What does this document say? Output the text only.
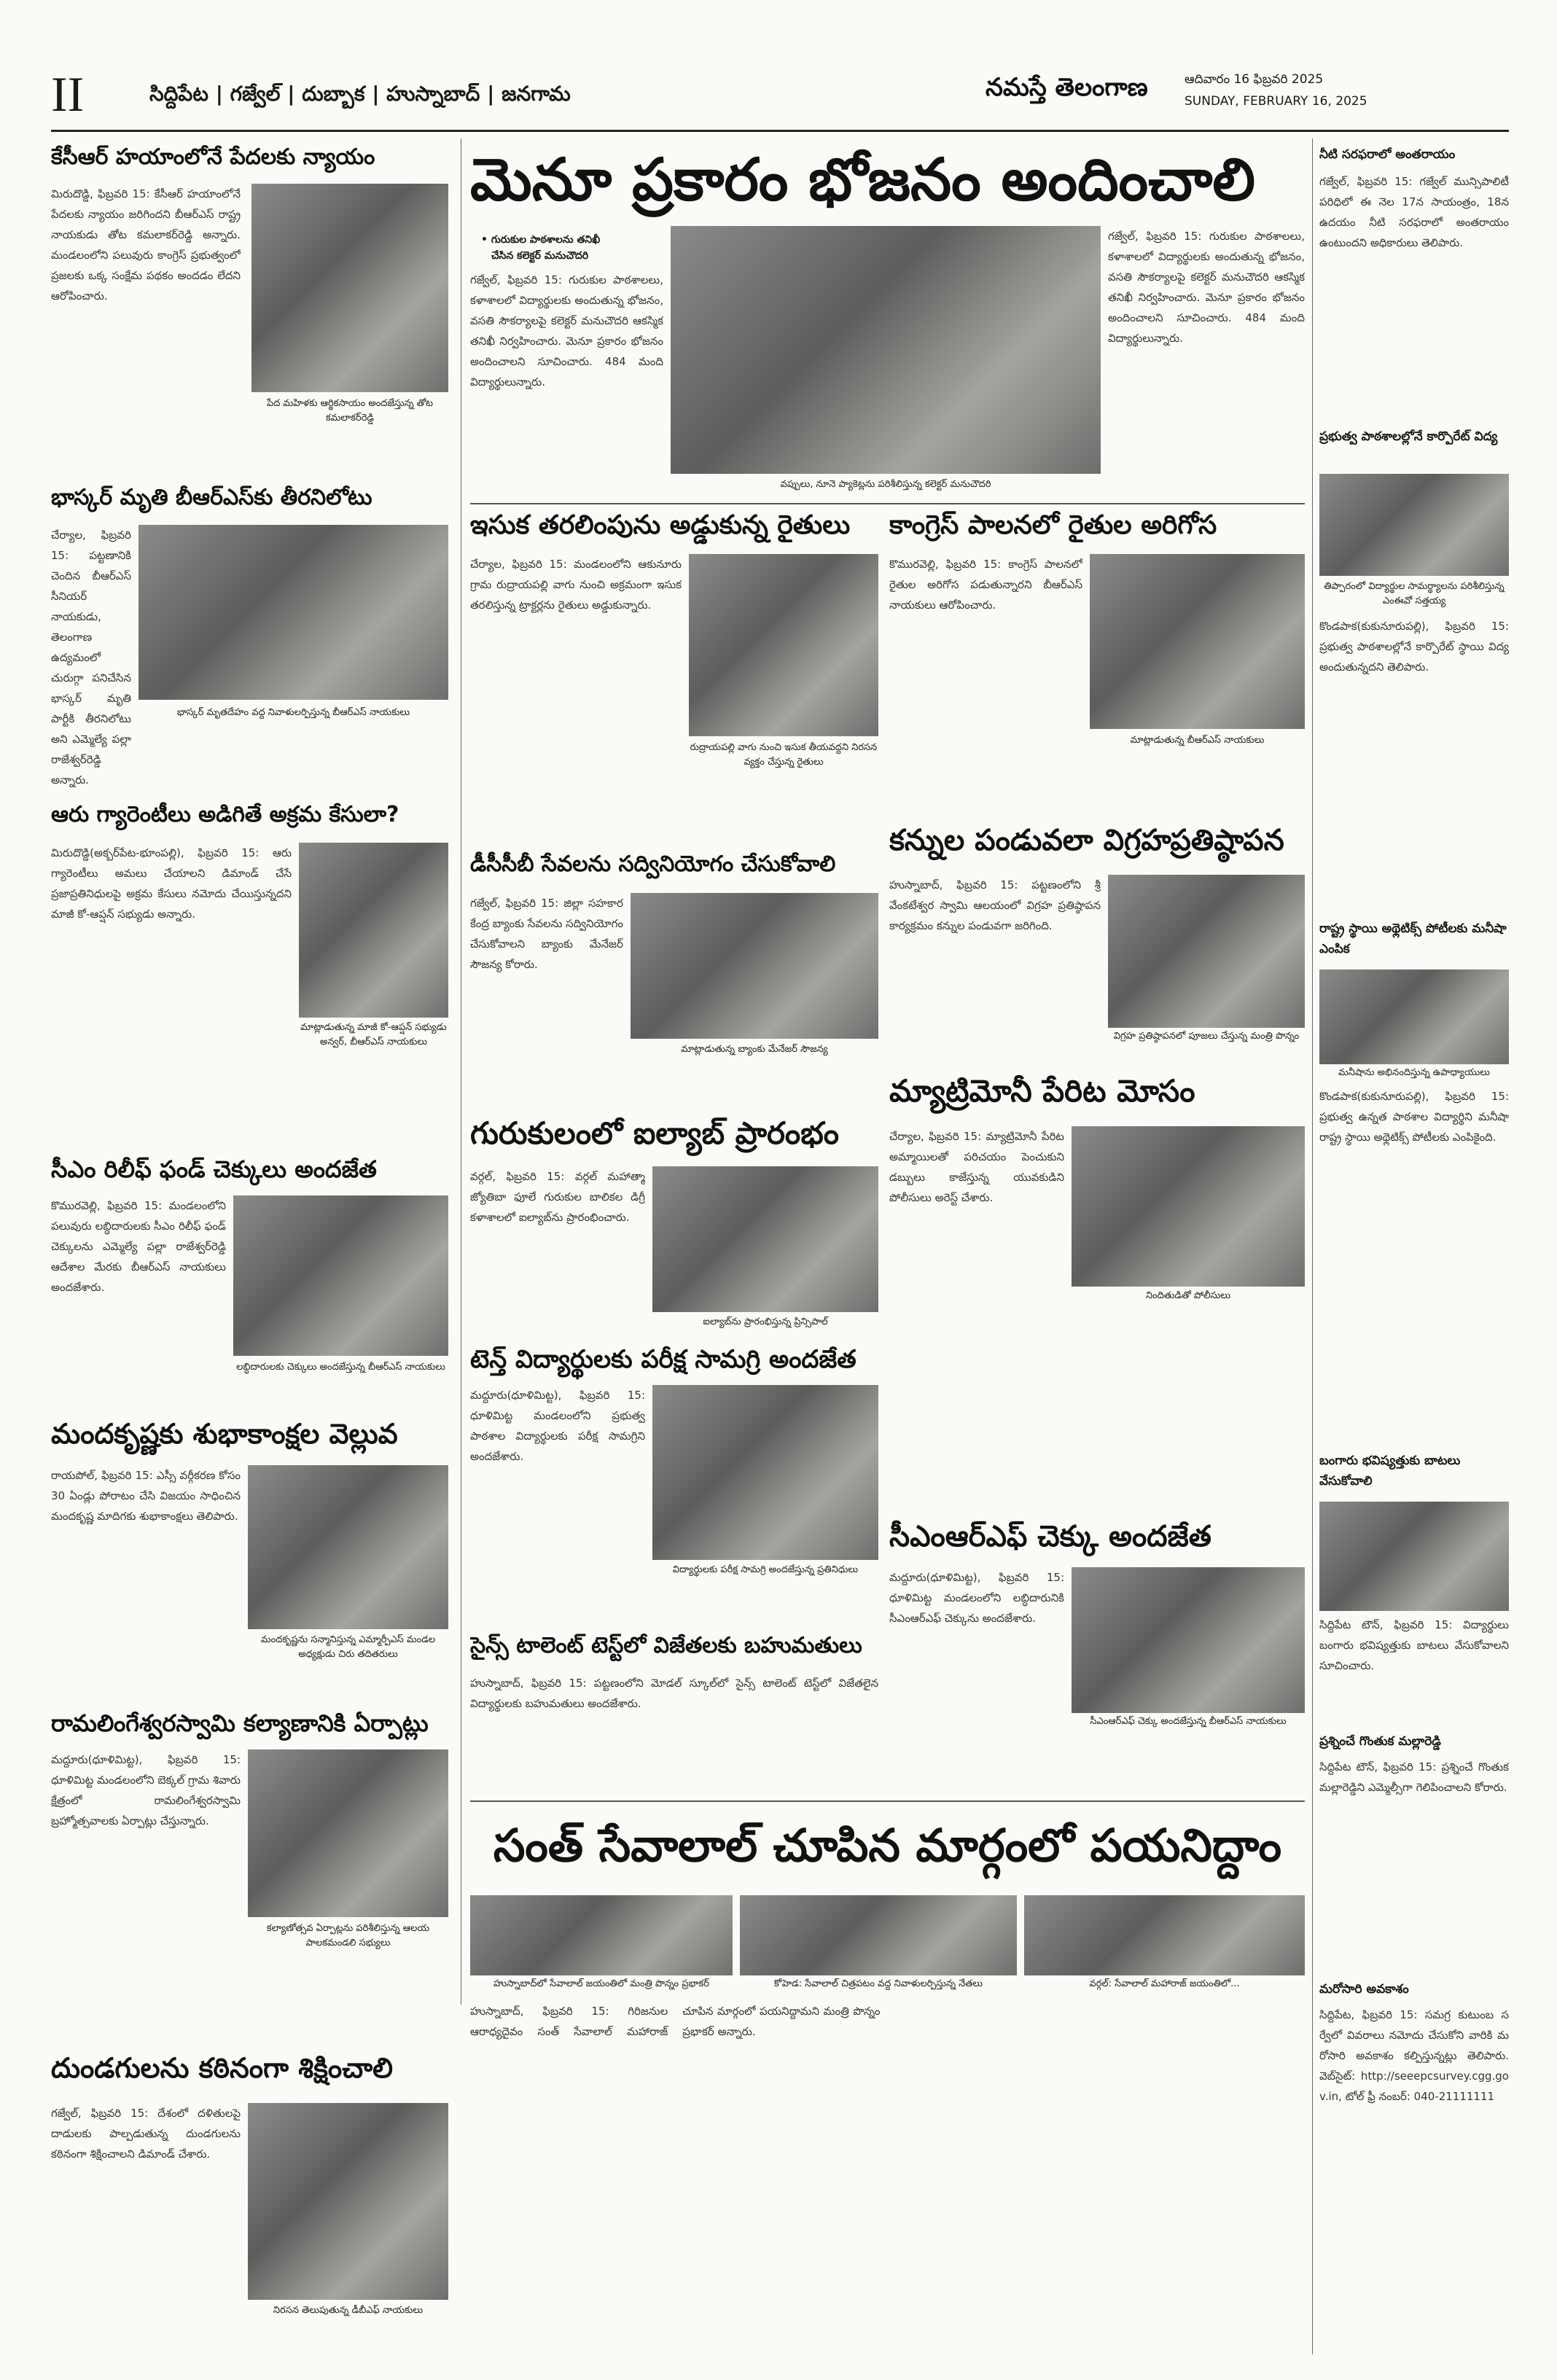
II	సిద్దిపేట | గజ్వేల్ | దుబ్బాక | హుస్నాబాద్ | జనగామ	నమస్తే తెలంగాణ	ఆదివారం 16 ఫిబ్రవరి 2025
SUNDAY, FEBRUARY 16, 2025
కేసీఆర్ హయాంలోనే పేదలకు న్యాయం
మిరుదొడ్డి, ఫిబ్రవరి 15: కేసీఆర్ హయాంలోనే పేదలకు న్యాయం జరిగిందని బీఆర్ఎస్ రాష్ట్ర నాయకుడు తోట కమలాకర్‌రెడ్డి అన్నారు. మండలంలోని పలువురు కాంగ్రెస్ ప్రభుత్వంలో ప్రజలకు ఒక్క సంక్షేమ పథకం అందడం లేదని ఆరోపించారు.
పేద మహిళకు ఆర్థికసాయం అందజేస్తున్న తోట కమలాకర్‌రెడ్డి
భాస్కర్ మృతి బీఆర్ఎస్‌కు తీరనిలోటు
చేర్యాల, ఫిబ్రవరి 15: పట్టణానికి చెందిన బీఆర్ఎస్ సీనియర్ నాయకుడు, తెలంగాణ ఉద్యమంలో చురుగ్గా పనిచేసిన భాస్కర్ మృతి పార్టీకి తీరనిలోటు అని ఎమ్మెల్యే పల్లా రాజేశ్వర్‌రెడ్డి అన్నారు.
భాస్కర్ మృతదేహం వద్ద నివాళులర్పిస్తున్న బీఆర్ఎస్ నాయకులు
ఆరు గ్యారెంటీలు అడిగితే అక్రమ కేసులా?
మిరుదొడ్డి(అక్బర్‌పేట-భూంపల్లి), ఫిబ్రవరి 15: ఆరు గ్యారెంటీలు అమలు చేయాలని డిమాండ్ చేసే ప్రజాప్రతినిధులపై అక్రమ కేసులు నమోదు చేయిస్తున్నదని మాజీ కో-ఆప్షన్ సభ్యుడు అన్నారు.
మాట్లాడుతున్న మాజీ కో-ఆప్షన్ సభ్యుడు అన్వర్, బీఆర్ఎస్ నాయకులు
సీఎం రిలీఫ్ ఫండ్ చెక్కులు అందజేత
కొమురవెల్లి, ఫిబ్రవరి 15: మండలంలోని పలువురు లబ్ధిదారులకు సీఎం రిలీఫ్ ఫండ్ చెక్కులను ఎమ్మెల్యే పల్లా రాజేశ్వర్‌రెడ్డి ఆదేశాల మేరకు బీఆర్ఎస్ నాయకులు అందజేశారు.
లబ్ధిదారులకు చెక్కులు అందజేస్తున్న బీఆర్ఎస్ నాయకులు
మందకృష్ణకు శుభాకాంక్షల వెల్లువ
రాయపోల్, ఫిబ్రవరి 15: ఎస్సీ వర్గీకరణ కోసం 30 ఏండ్లు పోరాటం చేసి విజయం సాధించిన మందకృష్ణ మాదిగకు శుభాకాంక్షలు తెలిపారు.
మందకృష్ణను సన్మానిస్తున్న ఎమ్మార్పీఎస్ మండల అధ్యక్షుడు చిరు తదితరులు
రామలింగేశ్వరస్వామి కల్యాణానికి ఏర్పాట్లు
మద్దూరు(ధూళిమిట్ట), ఫిబ్రవరి 15: ధూళిమిట్ట మండలంలోని బెక్కల్ గ్రామ శివారు క్షేత్రంలో రామలింగేశ్వరస్వామి బ్రహ్మోత్సవాలకు ఏర్పాట్లు చేస్తున్నారు.
కల్యాణోత్సవ ఏర్పాట్లను పరిశీలిస్తున్న ఆలయ పాలకమండలి సభ్యులు
దుండగులను కఠినంగా శిక్షించాలి
గజ్వేల్, ఫిబ్రవరి 15: దేశంలో దళితులపై దాడులకు పాల్పడుతున్న దుండగులను కఠినంగా శిక్షించాలని డిమాండ్ చేశారు.
నిరసన తెలుపుతున్న డీబీఎఫ్ నాయకులు
మెనూ ప్రకారం భోజనం అందించాలి
• గురుకుల పాఠశాలను తనిఖీ
చేసిన కలెక్టర్ మనుచౌదరి
గజ్వేల్, ఫిబ్రవరి 15: గురుకుల పాఠశాలలు, కళాశాలలో విద్యార్థులకు అందుతున్న భోజనం, వసతి సౌకర్యాలపై కలెక్టర్ మనుచౌదరి ఆకస్మిక తనిఖీ నిర్వహించారు. మెనూ ప్రకారం భోజనం అందించాలని సూచించారు. 484 మంది విద్యార్థులున్నారు.
వప్పులు, నూనె ప్యాకెట్లను పరిశీలిస్తున్న కలెక్టర్ మనుచౌదరి
గజ్వేల్, ఫిబ్రవరి 15: గురుకుల పాఠశాలలు, కళాశాలలో విద్యార్థులకు అందుతున్న భోజనం, వసతి సౌకర్యాలపై కలెక్టర్ మనుచౌదరి ఆకస్మిక తనిఖీ నిర్వహించారు. మెనూ ప్రకారం భోజనం అందించాలని సూచించారు. 484 మంది విద్యార్థులున్నారు.
ఇసుక తరలింపును అడ్డుకున్న రైతులు
చేర్యాల, ఫిబ్రవరి 15: మండలంలోని ఆకునూరు గ్రామ రుద్రాయపల్లి వాగు నుంచి అక్రమంగా ఇసుక తరలిస్తున్న ట్రాక్టర్లను రైతులు అడ్డుకున్నారు.
రుద్రాయపల్లి వాగు నుంచి ఇసుక తీయవద్దని నిరసన వ్యక్తం చేస్తున్న రైతులు
కాంగ్రెస్ పాలనలో రైతుల అరిగోస
కొమురవెల్లి, ఫిబ్రవరి 15: కాంగ్రెస్ పాలనలో రైతుల అరిగోస పడుతున్నారని బీఆర్ఎస్ నాయకులు ఆరోపించారు.
మాట్లాడుతున్న బీఆర్ఎస్ నాయకులు
డీసీసీబీ సేవలను సద్వినియోగం చేసుకోవాలి
గజ్వేల్, ఫిబ్రవరి 15: జిల్లా సహకార కేంద్ర బ్యాంకు సేవలను సద్వినియోగం చేసుకోవాలని బ్యాంకు మేనేజర్ సౌజన్య కోరారు.
మాట్లాడుతున్న బ్యాంకు మేనేజర్ సౌజన్య
కన్నుల పండువలా విగ్రహప్రతిష్ఠాపన
హుస్నాబాద్, ఫిబ్రవరి 15: పట్టణంలోని శ్రీ వేంకటేశ్వర స్వామి ఆలయంలో విగ్రహ ప్రతిష్ఠాపన కార్యక్రమం కన్నుల పండువగా జరిగింది.
విగ్రహ ప్రతిష్ఠాపనలో పూజలు చేస్తున్న మంత్రి పొన్నం
గురుకులంలో ఐల్యాబ్ ప్రారంభం
వర్గల్, ఫిబ్రవరి 15: వర్గల్ మహాత్మా జ్యోతిబా ఫూలే గురుకుల బాలికల డిగ్రీ కళాశాలలో ఐల్యాబ్‌ను ప్రారంభించారు.
ఐల్యాబ్‌ను ప్రారంభిస్తున్న ప్రిన్సిపాల్
మ్యాట్రిమోనీ పేరిట మోసం
చేర్యాల, ఫిబ్రవరి 15: మ్యాట్రిమోనీ పేరిట అమ్మాయిలతో పరిచయం పెంచుకుని డబ్బులు కాజేస్తున్న యువకుడిని పోలీసులు అరెస్ట్ చేశారు.
నిందితుడితో పోలీసులు
టెన్త్ విద్యార్థులకు పరీక్ష సామగ్రి అందజేత
మద్దూరు(ధూళిమిట్ట), ఫిబ్రవరి 15: ధూళిమిట్ట మండలంలోని ప్రభుత్వ పాఠశాల విద్యార్థులకు పరీక్ష సామగ్రిని అందజేశారు.
విద్యార్థులకు పరీక్ష సామగ్రి అందజేస్తున్న ప్రతినిధులు
సీఎంఆర్ఎఫ్ చెక్కు అందజేత
మద్దూరు(ధూళిమిట్ట), ఫిబ్రవరి 15: ధూళిమిట్ట మండలంలోని లబ్ధిదారునికి సీఎంఆర్ఎఫ్ చెక్కును అందజేశారు.
సీఎంఆర్ఎఫ్ చెక్కు అందజేస్తున్న బీఆర్ఎస్ నాయకులు
సైన్స్ టాలెంట్ టెస్ట్‌లో విజేతలకు బహుమతులు
హుస్నాబాద్, ఫిబ్రవరి 15: పట్టణంలోని మోడల్ స్కూల్‌లో సైన్స్ టాలెంట్ టెస్ట్‌లో విజేతలైన విద్యార్థులకు బహుమతులు అందజేశారు.
సంత్ సేవాలాల్ చూపిన మార్గంలో పయనిద్దాం
హుస్నాబాద్‌లో సేవాలాల్ జయంతిలో మంత్రి పొన్నం ప్రభాకర్	కోహెడ: సేవాలాల్ చిత్రపటం వద్ద నివాళులర్పిస్తున్న నేతలు	వర్గల్: సేవాలాల్ మహారాజ్ జయంతిలో...
హుస్నాబాద్, ఫిబ్రవరి 15: గిరిజనుల ఆరాధ్యదైవం సంత్ సేవాలాల్ మహారాజ్ చూపిన మార్గంలో పయనిద్దామని మంత్రి పొన్నం ప్రభాకర్ అన్నారు.
నీటి సరఫరాలో అంతరాయం
గజ్వేల్, ఫిబ్రవరి 15: గజ్వేల్ మున్సిపాలిటీ పరిధిలో ఈ నెల 17న సాయంత్రం, 18న ఉదయం నీటి సరఫరాలో అంతరాయం ఉంటుందని అధికారులు తెలిపారు.
ప్రభుత్వ పాఠశాలల్లోనే కార్పొరేట్ విద్య
తిప్పారంలో విద్యార్థుల సామర్థ్యాలను పరిశీలిస్తున్న ఎంఈవో సత్తయ్య
కొండపాక(కుకునూరుపల్లి), ఫిబ్రవరి 15: ప్రభుత్వ పాఠశాలల్లోనే కార్పొరేట్ స్థాయి విద్య అందుతున్నదని తెలిపారు.
రాష్ట్ర స్థాయి అథ్లెటిక్స్ పోటీలకు మనీషా ఎంపిక
మనీషాను అభినందిస్తున్న ఉపాధ్యాయులు
కొండపాక(కుకునూరుపల్లి), ఫిబ్రవరి 15: ప్రభుత్వ ఉన్నత పాఠశాల విద్యార్థిని మనీషా రాష్ట్ర స్థాయి అథ్లెటిక్స్ పోటీలకు ఎంపికైంది.
బంగారు భవిష్యత్తుకు బాటలు వేసుకోవాలి
సిద్దిపేట టౌన్, ఫిబ్రవరి 15: విద్యార్థులు బంగారు భవిష్యత్తుకు బాటలు వేసుకోవాలని సూచించారు.
ప్రశ్నించే గొంతుక మల్లారెడ్డి
సిద్దిపేట టౌన్, ఫిబ్రవరి 15: ప్రశ్నించే గొంతుక మల్లారెడ్డిని ఎమ్మెల్సీగా గెలిపించాలని కోరారు.
మరోసారి అవకాశం
సిద్దిపేట, ఫిబ్రవరి 15: సమగ్ర కుటుంబ సర్వేలో వివరాలు నమోదు చేసుకోని వారికి మరోసారి అవకాశం కల్పిస్తున్నట్లు తెలిపారు. వెబ్‌సైట్: http://seeepcsurvey.cgg.gov.in, టోల్ ఫ్రీ నంబర్: 040-21111111
